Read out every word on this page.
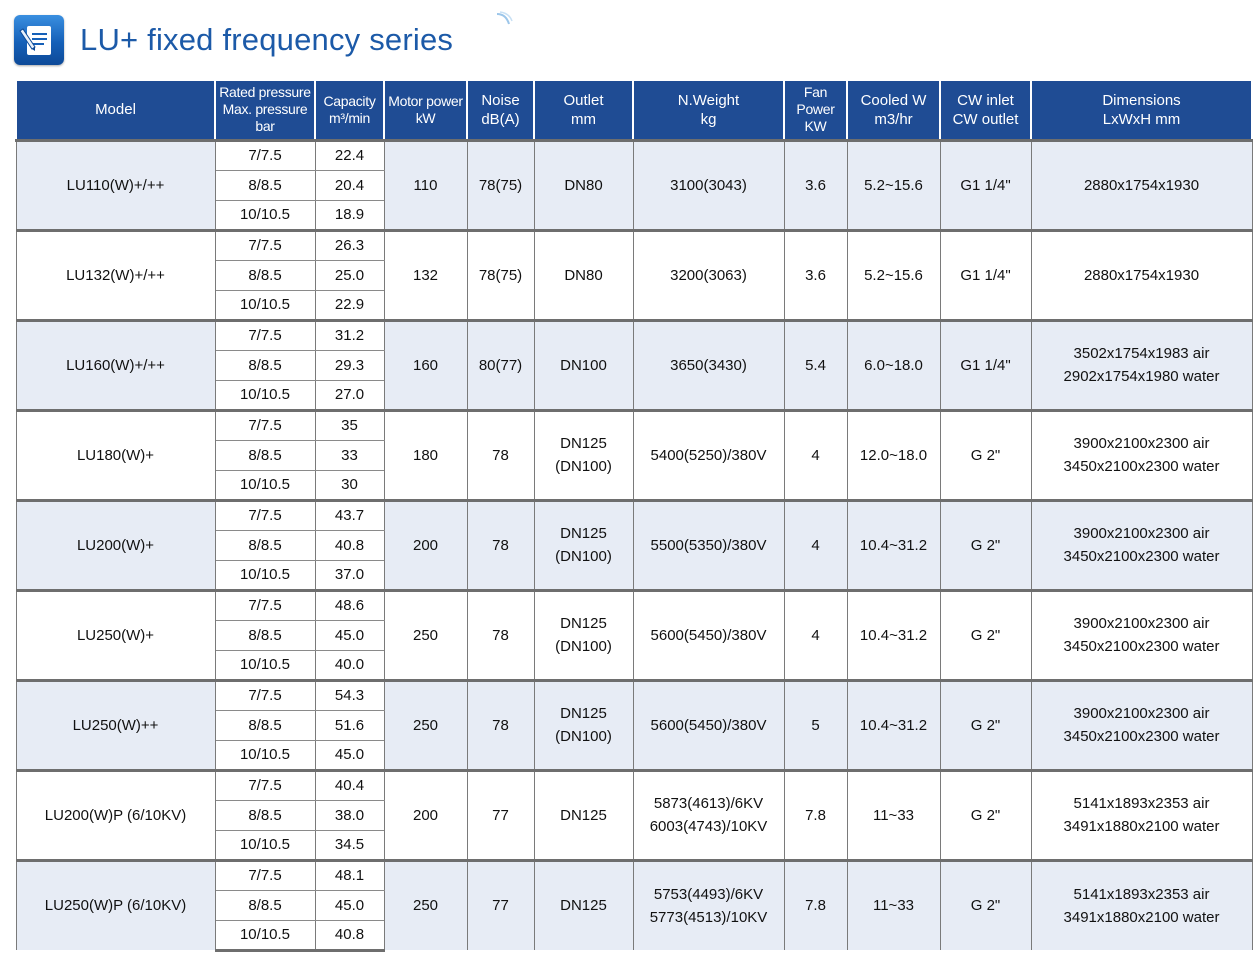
LU+ fixed frequency series
Model	Rated pressure
Max. pressure
bar	Capacity
m³/min	Motor power
kW	Noise
dB(A)	Outlet
mm	N.Weight
kg	Fan
Power
KW	Cooled W
m3/hr	CW inlet
CW outlet	Dimensions
LxWxH mm

LU110(W)+/++	7/7.5	22.4	110	78(75)	DN80	3100(3043)	3.6	5.2~15.6	G1 1/4"	2880x1754x1930

	8/8.5	20.4								
	10/10.5	18.9								
LU132(W)+/++	7/7.5	26.3	132	78(75)	DN80	3200(3063)	3.6	5.2~15.6	G1 1/4"	2880x1754x1930

	8/8.5	25.0								
	10/10.5	22.9								
LU160(W)+/++	7/7.5	31.2	160	80(77)	DN100	3650(3430)	5.4	6.0~18.0	G1 1/4"	3502x1754x1983 air
2902x1754x1980 water

	8/8.5	29.3								
	10/10.5	27.0								
LU180(W)+	7/7.5	35	180	78	DN125
(DN100)	5400(5250)/380V	4	12.0~18.0	G 2"	3900x2100x2300 air
3450x2100x2300 water

	8/8.5	33								
	10/10.5	30								
LU200(W)+	7/7.5	43.7	200	78	DN125
(DN100)	5500(5350)/380V	4	10.4~31.2	G 2"	3900x2100x2300 air
3450x2100x2300 water

	8/8.5	40.8								
	10/10.5	37.0								
LU250(W)+	7/7.5	48.6	250	78	DN125
(DN100)	5600(5450)/380V	4	10.4~31.2	G 2"	3900x2100x2300 air
3450x2100x2300 water

	8/8.5	45.0								
	10/10.5	40.0								
LU250(W)++	7/7.5	54.3	250	78	DN125
(DN100)	5600(5450)/380V	5	10.4~31.2	G 2"	3900x2100x2300 air
3450x2100x2300 water

	8/8.5	51.6								
	10/10.5	45.0								
LU200(W)P (6/10KV)	7/7.5	40.4	200	77	DN125	5873(4613)/6KV
6003(4743)/10KV	7.8	11~33	G 2"	5141x1893x2353 air
3491x1880x2100 water

	8/8.5	38.0								
	10/10.5	34.5								
LU250(W)P (6/10KV)	7/7.5	48.1	250	77	DN125	5753(4493)/6KV
5773(4513)/10KV	7.8	11~33	G 2"	5141x1893x2353 air
3491x1880x2100 water

	8/8.5	45.0								
	10/10.5	40.8								
